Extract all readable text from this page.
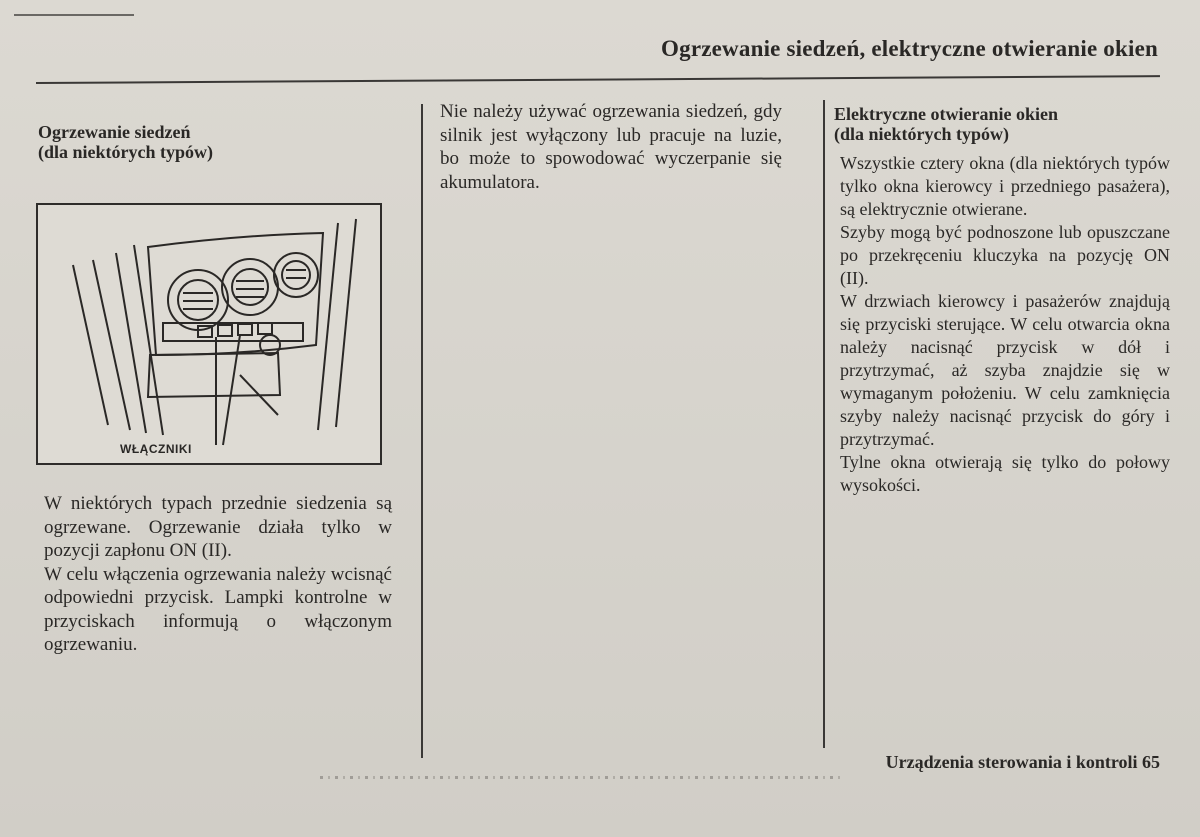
Ogrzewanie siedzeń, elektryczne otwieranie okien
Ogrzewanie siedzeń
(dla niektórych typów)
WŁĄCZNIKI

W niektórych typach przednie siedzenia są ogrzewane. Ogrzewanie działa tylko w pozycji zapłonu ON (II).

W celu włączenia ogrzewania należy wcisnąć odpowiedni przycisk. Lampki kontrolne w przyciskach informują o włączonym ogrzewaniu.

Nie należy używać ogrzewania siedzeń, gdy silnik jest wyłączony lub pracuje na luzie, bo może to spowodować wyczerpanie się akumulatora.

Elektryczne otwieranie okien
(dla niektórych typów)

Wszystkie cztery okna (dla niektórych typów tylko okna kierowcy i przedniego pasażera), są elektrycznie otwierane.

Szyby mogą być podnoszone lub opuszczane po przekręceniu kluczyka na pozycję ON (II).

W drzwiach kierowcy i pasażerów znajdują się przyciski sterujące. W celu otwarcia okna należy nacisnąć przycisk w dół i przytrzymać, aż szyba znajdzie się w wymaganym położeniu. W celu zamknięcia szyby należy nacisnąć przycisk do góry i przytrzymać.

Tylne okna otwierają się tylko do połowy wysokości.

Urządzenia sterowania i kontroli 65
